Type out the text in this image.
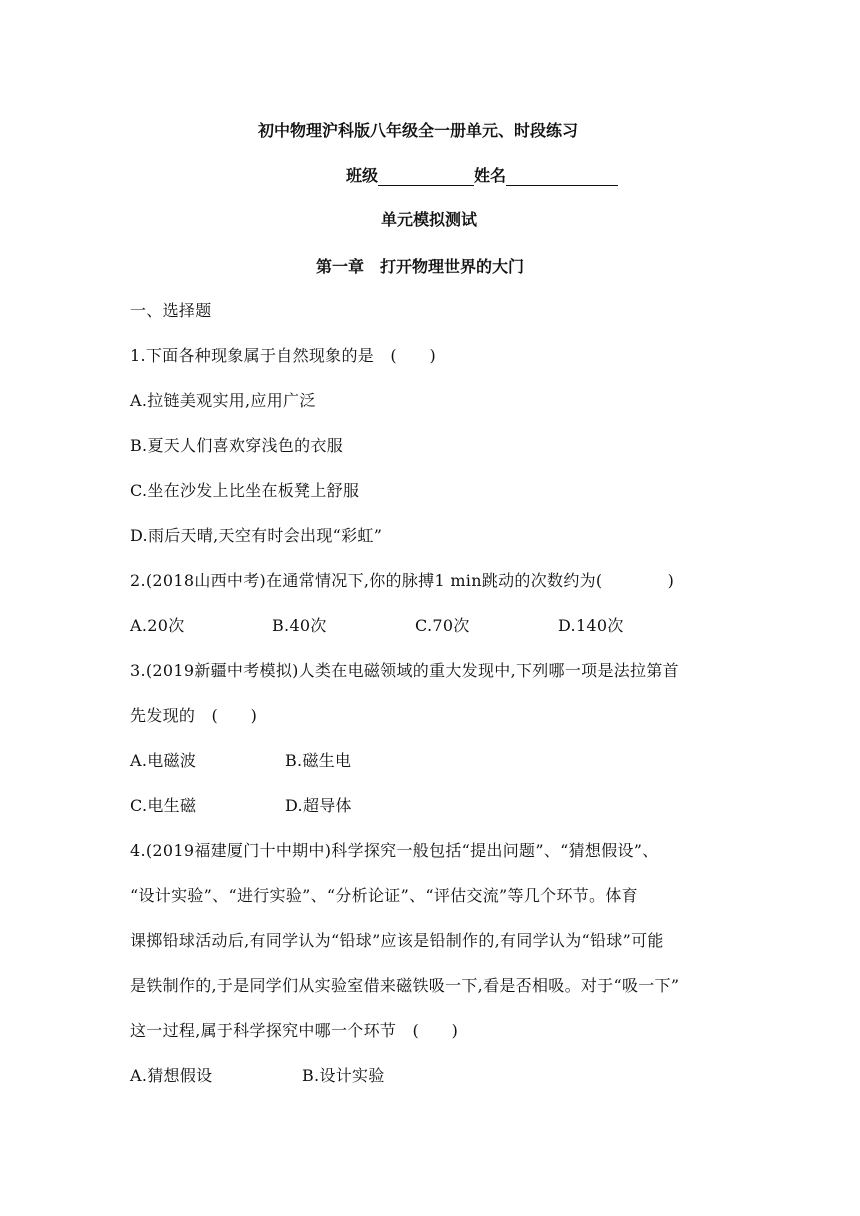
初中物理沪科版八年级全一册单元、时段练习
班级	姓名
单元模拟测试
第一章　打开物理世界的大门
一、选择题
1.下面各种现象属于自然现象的是　(　　)
A.拉链美观实用,应用广泛
B.夏天人们喜欢穿浅色的衣服
C.坐在沙发上比坐在板凳上舒服
D.雨后天晴,天空有时会出现“彩虹”
2.(2018山西中考)在通常情况下,你的脉搏1 min跳动的次数约为(　　　　)
A.20次	B.40次	C.70次	D.140次
3.(2019新疆中考模拟)人类在电磁领域的重大发现中,下列哪一项是法拉第首
先发现的　(　　)
A.电磁波	B.磁生电
C.电生磁	D.超导体
4.(2019福建厦门十中期中)科学探究一般包括“提出问题”、“猜想假设”、
“设计实验”、“进行实验”、“分析论证”、“评估交流”等几个环节。体育
课掷铅球活动后,有同学认为“铅球”应该是铅制作的,有同学认为“铅球”可能
是铁制作的,于是同学们从实验室借来磁铁吸一下,看是否相吸。对于“吸一下”
这一过程,属于科学探究中哪一个环节　(　　)
A.猜想假设	B.设计实验
